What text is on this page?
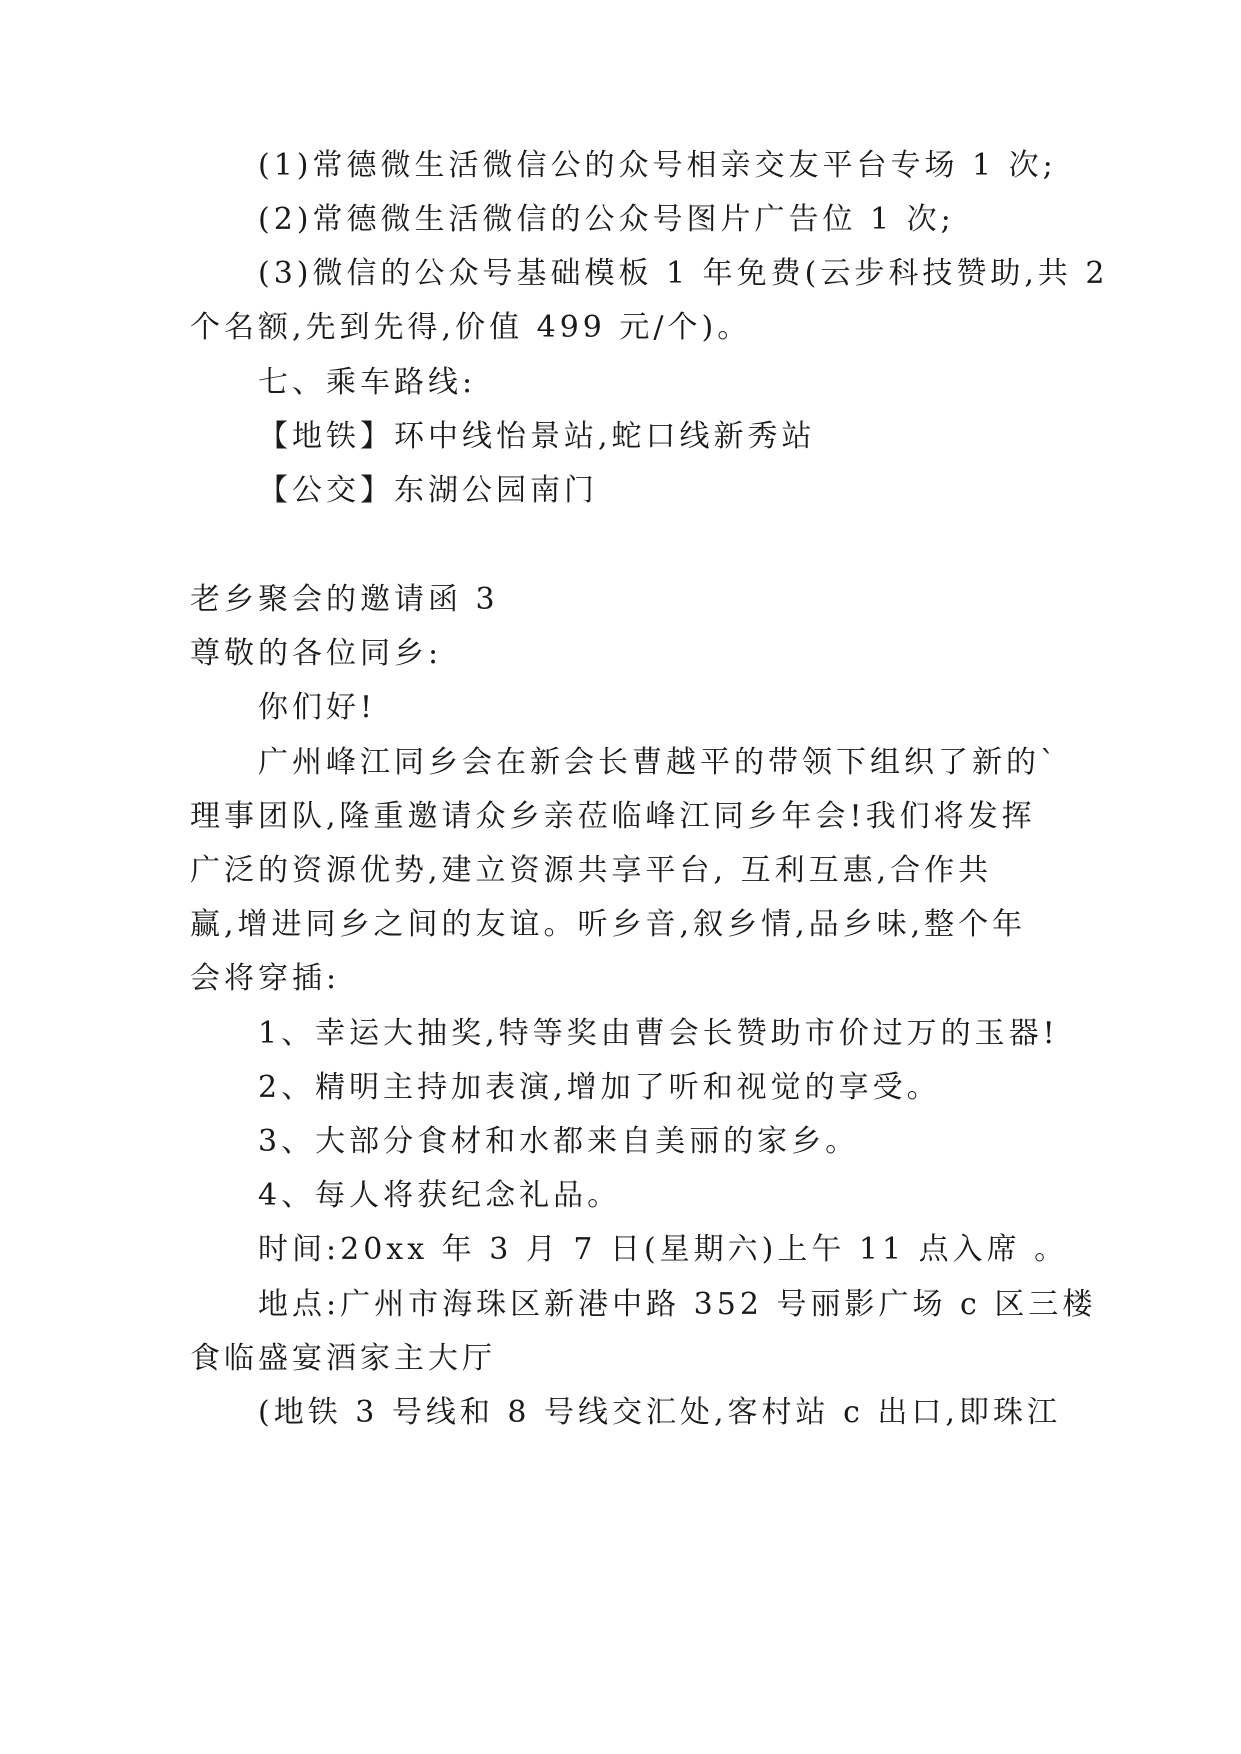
(1)常德微生活微信公的众号相亲交友平台专场 1 次;

(2)常德微生活微信的公众号图片广告位 1 次;

(3)微信的公众号基础模板 1 年免费(云步科技赞助,共 2

个名额,先到先得,价值 499 元/个)。

七、乘车路线:

【地铁】环中线怡景站,蛇口线新秀站

【公交】东湖公园南门

老乡聚会的邀请函 3

尊敬的各位同乡:

你们好!

广州峰江同乡会在新会长曹越平的带领下组织了新的`

理事团队,隆重邀请众乡亲莅临峰江同乡年会!我们将发挥

广泛的资源优势,建立资源共享平台, 互利互惠,合作共

赢,增进同乡之间的友谊。听乡音,叙乡情,品乡味,整个年

会将穿插:

1、幸运大抽奖,特等奖由曹会长赞助市价过万的玉器!

2、精明主持加表演,增加了听和视觉的享受。

3、大部分食材和水都来自美丽的家乡。

4、每人将获纪念礼品。

时间:20xx 年 3 月 7 日(星期六)上午 11 点入席 。

地点:广州市海珠区新港中路 352 号丽影广场 c 区三楼

食临盛宴酒家主大厅

(地铁 3 号线和 8 号线交汇处,客村站 c 出口,即珠江
